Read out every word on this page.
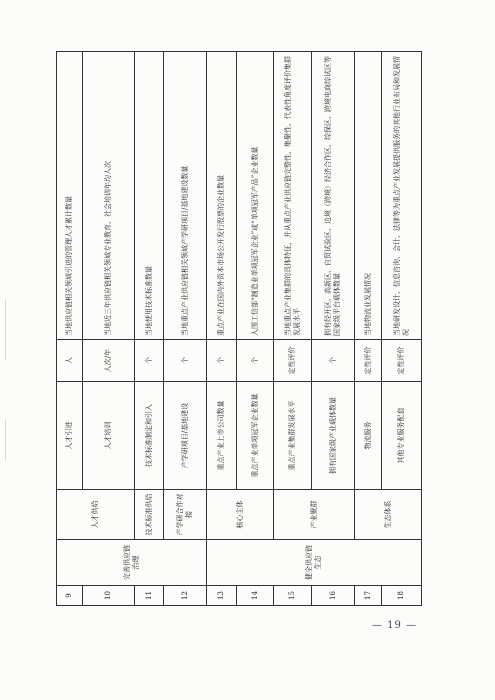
9	完善供应链治理	人才供给	人才引进	人	当地供应链相关领域引进的管理人才累计数量
10			人才培训	人次/年	当地近三年供应链相关领域专业教育、社会培训年均人次
11		技术标准供给	技术标准制定和引入	个	当地使用技术标准数量
12		产学研合作对接	产学研项目/基地建设	个	当地重点产业供应链相关领域产学研项目/基地建设数量
13	健全供应链生态	核心主体	重点产业上市公司数量	个	重点产业在国内外资本市场公开发行股票的企业数量
14			重点产业单项冠军企业数量	个	入围工信部“制造业单项冠军企业”或“单项冠军产品”企业数量
15		产业聚群	重点产业集群发展水平	定性评价	当地重点产业集群的具体特征，并从重点产业供应链完整性、集聚性、代表性角度评价集群发展水平
16			拥有国家级产业载体数量	个	拥有经开区、高新区、自贸试验区、边境（跨境）经济合作区、综保区、跨境电商综试区等国家级平台载体数量
17		生态体系	物流服务	定性评价	当地物流业发展情况
18			其他专业服务配套	定性评价	当地研发设计、信息咨询、会计、法律等为重点产业发展提供服务的其他行业布局和发展情况
— 19 —
